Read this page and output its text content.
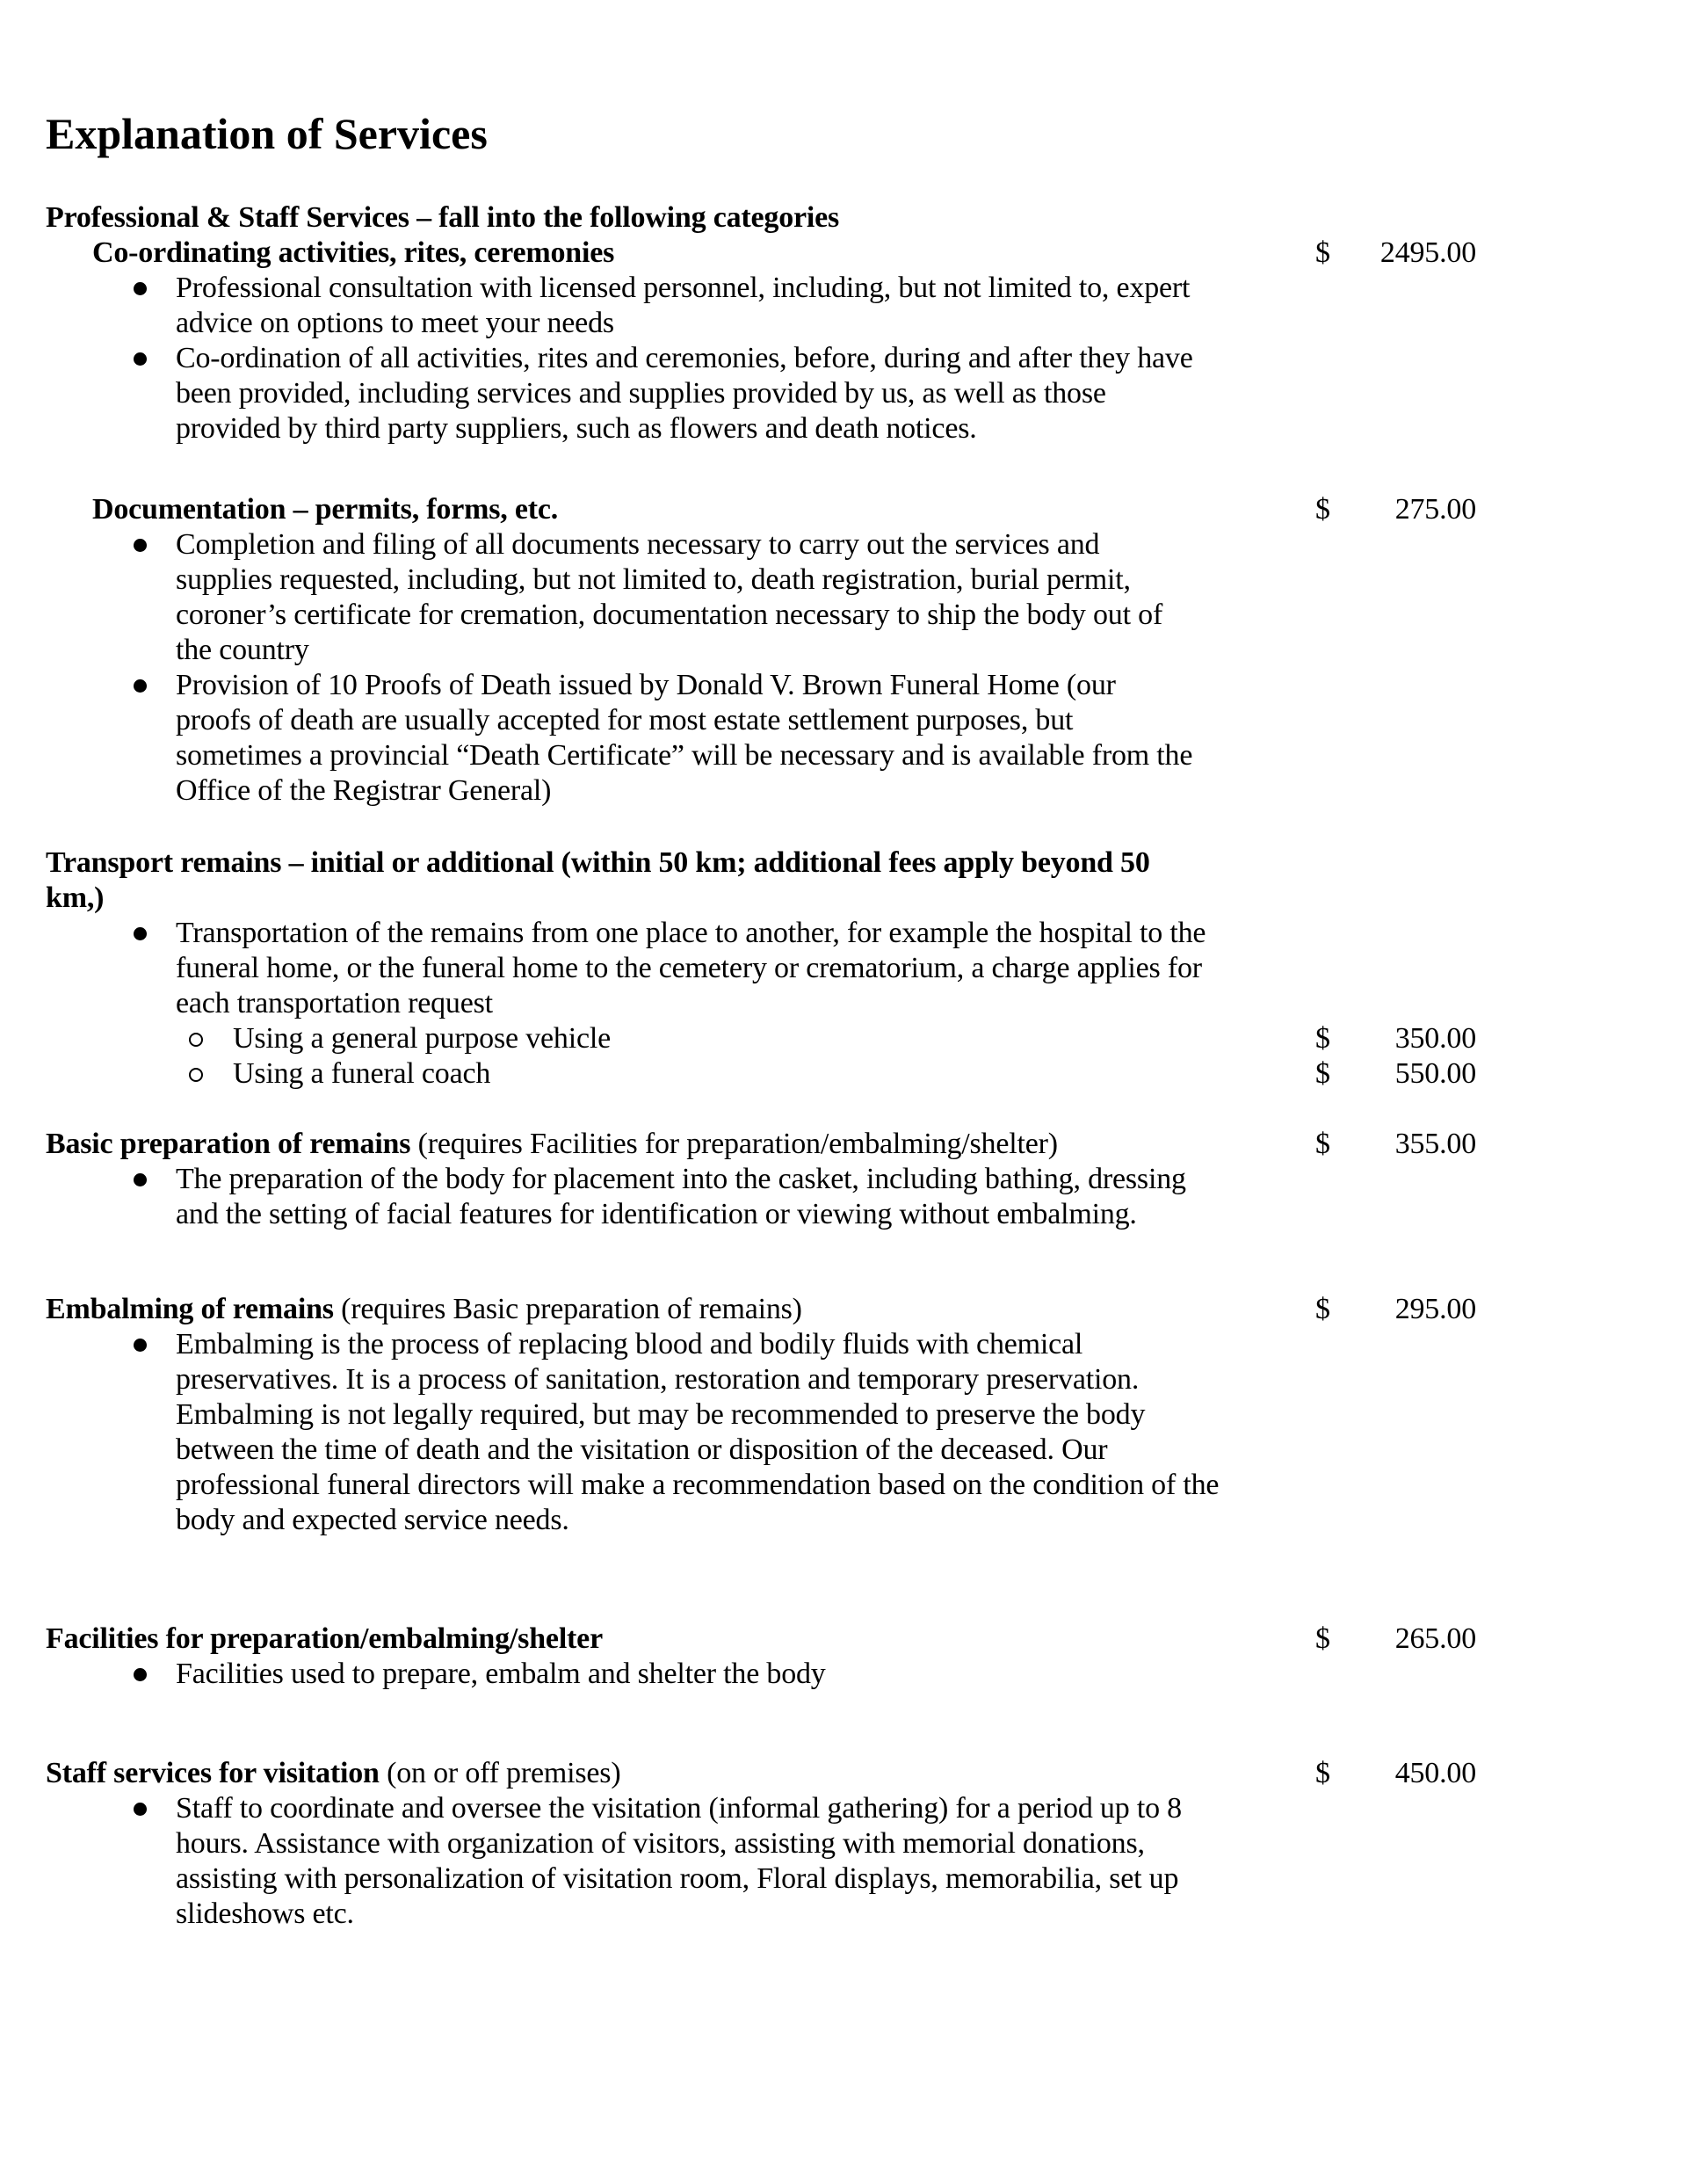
Explanation of Services
Professional & Staff Services – fall into the following categories
Co-ordinating activities, rites, ceremonies	$ 2495.00
Professional consultation with licensed personnel, including, but not limited to, expert
advice on options to meet your needs
Co-ordination of all activities, rites and ceremonies, before, during and after they have
been provided, including services and supplies provided by us, as well as those
provided by third party suppliers, such as flowers and death notices.
Documentation – permits, forms, etc.	$ 275.00
Completion and filing of all documents necessary to carry out the services and
supplies requested, including, but not limited to, death registration, burial permit,
coroner’s certificate for cremation, documentation necessary to ship the body out of
the country
Provision of 10 Proofs of Death issued by Donald V. Brown Funeral Home (our
proofs of death are usually accepted for most estate settlement purposes, but
sometimes a provincial “Death Certificate” will be necessary and is available from the
Office of the Registrar General)
Transport remains – initial or additional (within 50 km; additional fees apply beyond 50
km,)
Transportation of the remains from one place to another, for example the hospital to the
funeral home, or the funeral home to the cemetery or crematorium, a charge applies for
each transportation request
Using a general purpose vehicle	$ 350.00
Using a funeral coach	$ 550.00
Basic preparation of remains (requires Facilities for preparation/embalming/shelter)	$ 355.00
The preparation of the body for placement into the casket, including bathing, dressing
and the setting of facial features for identification or viewing without embalming.
Embalming of remains (requires Basic preparation of remains)	$ 295.00
Embalming is the process of replacing blood and bodily fluids with chemical
preservatives. It is a process of sanitation, restoration and temporary preservation.
Embalming is not legally required, but may be recommended to preserve the body
between the time of death and the visitation or disposition of the deceased. Our
professional funeral directors will make a recommendation based on the condition of the
body and expected service needs.
Facilities for preparation/embalming/shelter	$ 265.00
Facilities used to prepare, embalm and shelter the body
Staff services for visitation (on or off premises)	$ 450.00
Staff to coordinate and oversee the visitation (informal gathering) for a period up to 8
hours. Assistance with organization of visitors, assisting with memorial donations,
assisting with personalization of visitation room, Floral displays, memorabilia, set up
slideshows etc.
